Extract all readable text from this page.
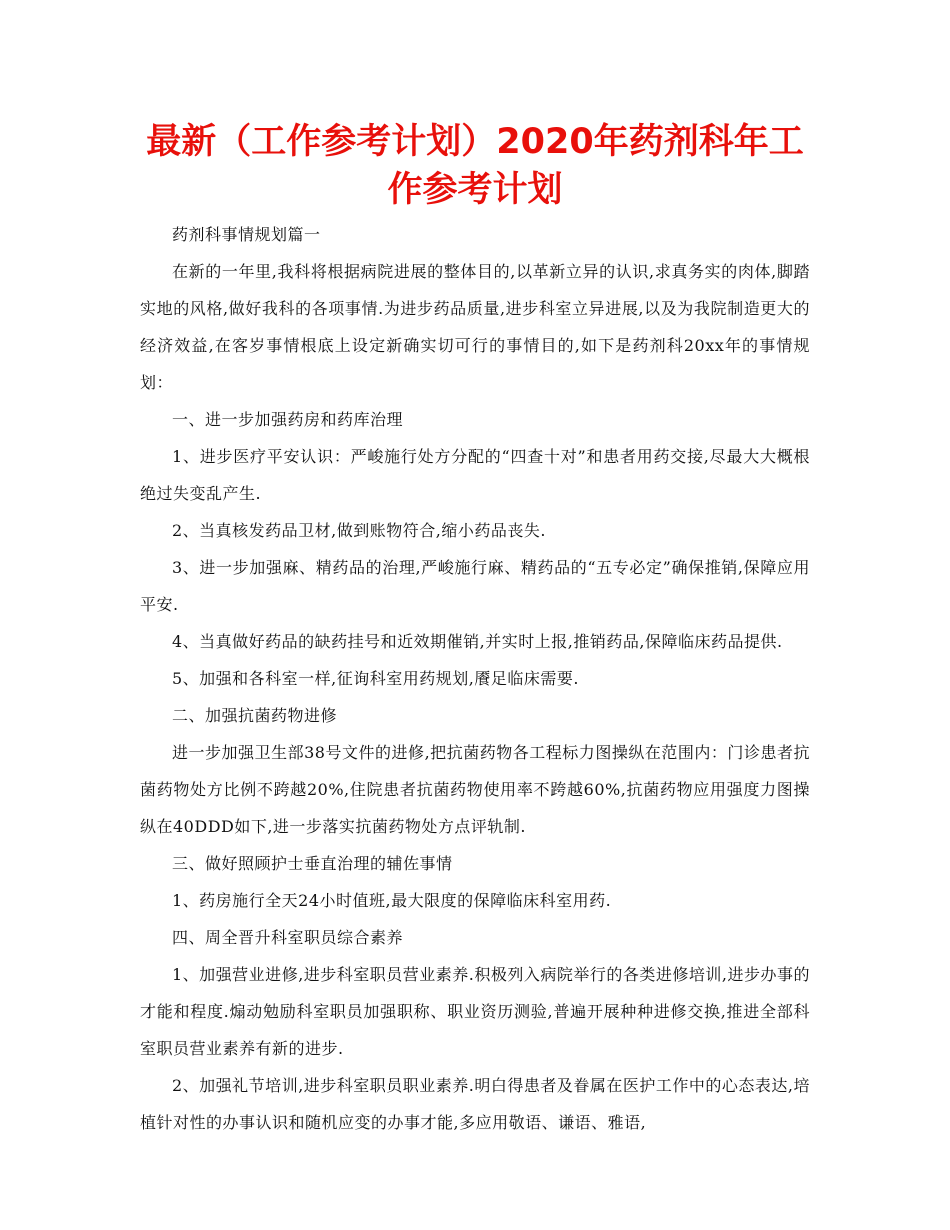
最新（工作参考计划）2020年药剂科年工作参考计划

药剂科事情规划篇一

在新的一年里,我科将根据病院进展的整体目的,以革新立异的认识,求真务实的肉体,脚踏实地的风格,做好我科的各项事情.为进步药品质量,进步科室立异进展,以及为我院制造更大的经济效益,在客岁事情根底上设定新确实切可行的事情目的,如下是药剂科20xx年的事情规划：

一、进一步加强药房和药库治理

1、进步医疗平安认识：严峻施行处方分配的“四查十对”和患者用药交接,尽最大大概根绝过失变乱产生.

2、当真核发药品卫材,做到账物符合,缩小药品丧失.

3、进一步加强麻、精药品的治理,严峻施行麻、精药品的“五专必定”确保推销,保障应用平安.

4、当真做好药品的缺药挂号和近效期催销,并实时上报,推销药品,保障临床药品提供.

5、加强和各科室一样,征询科室用药规划,餍足临床需要.

二、加强抗菌药物进修

进一步加强卫生部38号文件的进修,把抗菌药物各工程标力图操纵在范围内：门诊患者抗菌药物处方比例不跨越20%,住院患者抗菌药物使用率不跨越60%,抗菌药物应用强度力图操纵在40DDD如下,进一步落实抗菌药物处方点评轨制.

三、做好照顾护士垂直治理的辅佐事情

1、药房施行全天24小时值班,最大限度的保障临床科室用药.

四、周全晋升科室职员综合素养

1、加强营业进修,进步科室职员营业素养.积极列入病院举行的各类进修培训,进步办事的才能和程度.煽动勉励科室职员加强职称、职业资历测验,普遍开展种种进修交换,推进全部科室职员营业素养有新的进步.

2、加强礼节培训,进步科室职员职业素养.明白得患者及眷属在医护工作中的心态表达,培植针对性的办事认识和随机应变的办事才能,多应用敬语、谦语、雅语,
